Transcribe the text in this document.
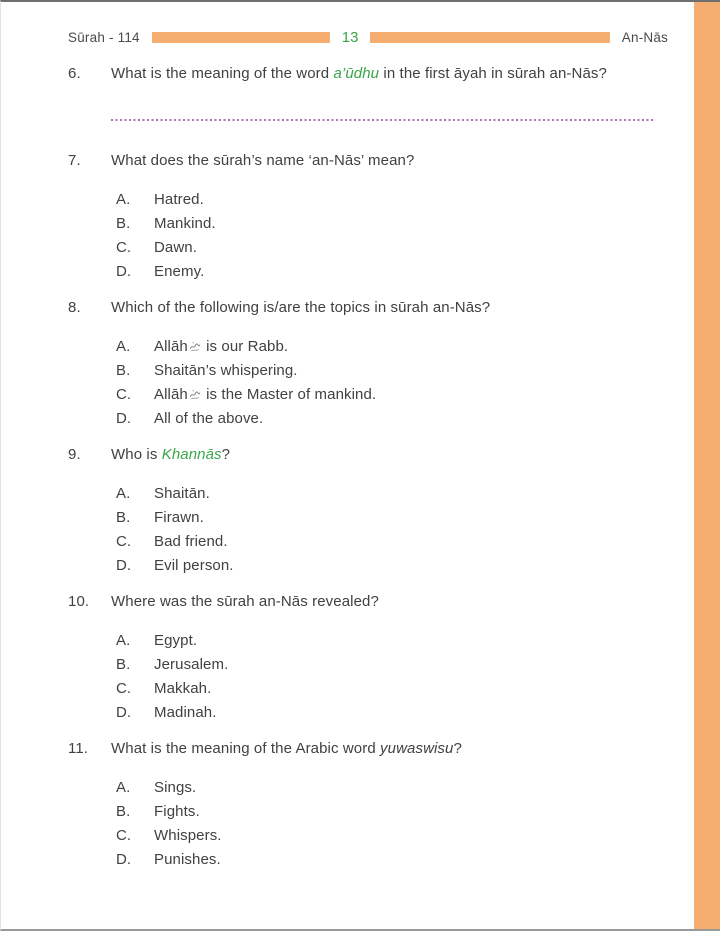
Sūrah - 114	13	An-Nās
6.	What is the meaning of the word a’ūdhu in the first āyah in sūrah an-Nās?
7.	What does the sūrah’s name ‘an-Nās’ mean?
A.	Hatred.
B.	Mankind.
C.	Dawn.
D.	Enemy.
8.	Which of the following is/are the topics in sūrah an-Nās?
A.	Allāh
is our Rabb.
B.	Shaitān’s whispering.
C.	Allāh
is the Master of mankind.
D.	All of the above.
9.	Who is Khannās?
A.	Shaitān.
B.	Firawn.
C.	Bad friend.
D.	Evil person.
10.	Where was the sūrah an-Nās revealed?
A.	Egypt.
B.	Jerusalem.
C.	Makkah.
D.	Madinah.
11.	What is the meaning of the Arabic word yuwaswisu?
A.	Sings.
B.	Fights.
C.	Whispers.
D.	Punishes.
